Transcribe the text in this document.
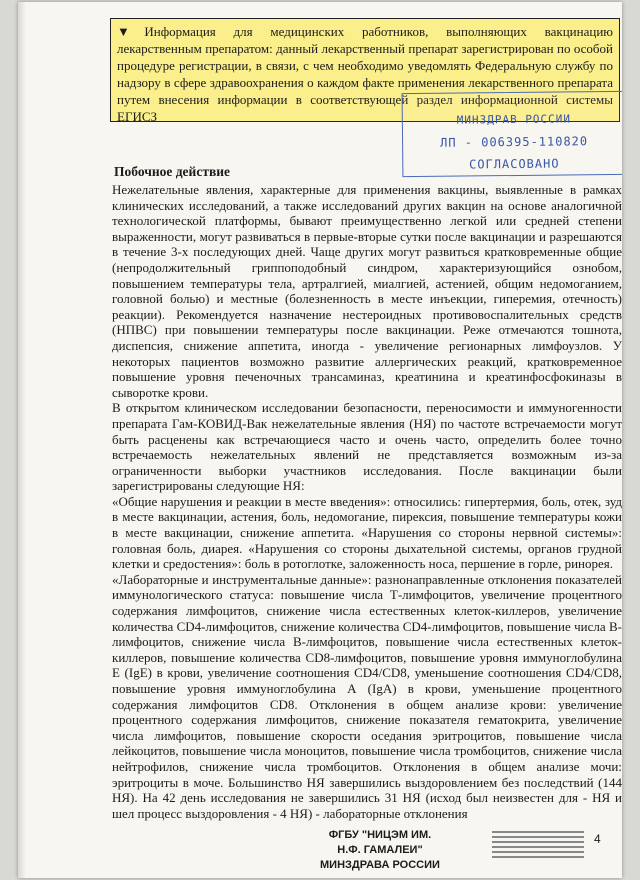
▼Информация для медицинских работников, выполняющих вакцинацию лекарственным препаратом: данный лекарственный препарат зарегистрирован по особой процедуре регистрации, в связи, с чем необходимо уведомлять Федеральную службу по надзору в сфере здравоохранения о каждом факте применения лекарственного препарата путем внесения информации в соответствующей раздел информационной системы ЕГИСЗ	МИНЗДРАВ РОССИИ
ЛП - 006395-110820
СОГЛАСОВАНО
Побочное действие

Нежелательные явления, характерные для применения вакцины, выявленные в рамках клинических исследований, а также исследований других вакцин на основе аналогичной технологической платформы, бывают преимущественно легкой или средней степени выраженности, могут развиваться в первые-вторые сутки после вакцинации и разрешаются в течение 3-х последующих дней. Чаще других могут развиться кратковременные общие (непродолжительный гриппоподобный синдром, характеризующийся ознобом, повышением температуры тела, артралгией, миалгией, астенией, общим недомоганием, головной болью) и местные (болезненность в месте инъекции, гиперемия, отечность) реакции). Рекомендуется назначение нестероидных противовоспалительных средств (НПВС) при повышении температуры после вакцинации. Реже отмечаются тошнота, диспепсия, снижение аппетита, иногда - увеличение регионарных лимфоузлов. У некоторых пациентов возможно развитие аллергических реакций, кратковременное повышение уровня печеночных трансаминаз, креатинина и креатинфосфокиназы в сыворотке крови.

В открытом клиническом исследовании безопасности, переносимости и иммуногенности препарата Гам-КОВИД-Вак нежелательные явления (НЯ) по частоте встречаемости могут быть расценены как встречающиеся часто и очень часто, определить более точно встречаемость нежелательных явлений не представляется возможным из-за ограниченности выборки участников исследования. После вакцинации были зарегистрированы следующие НЯ:

«Общие нарушения и реакции в месте введения»: относились: гипертермия, боль, отек, зуд в месте вакцинации, астения, боль, недомогание, пирексия, повышение температуры кожи в месте вакцинации, снижение аппетита. «Нарушения со стороны нервной системы»: головная боль, диарея. «Нарушения со стороны дыхательной системы, органов грудной клетки и средостения»: боль в ротоглотке, заложенность носа, першение в горле, ринорея.

«Лабораторные и инструментальные данные»: разнонаправленные отклонения показателей иммунологического статуса: повышение числа Т-лимфоцитов, увеличение процентного содержания лимфоцитов, снижение числа естественных клеток-киллеров, увеличение количества CD4-лимфоцитов, снижение количества CD4-лимфоцитов, повышение числа В-лимфоцитов, снижение числа В-лимфоцитов, повышение числа естественных клеток-киллеров, повышение количества CD8-лимфоцитов, повышение уровня иммуноглобулина Е (IgE) в крови, увеличение соотношения CD4/CD8, уменьшение соотношения CD4/CD8, повышение уровня иммуноглобулина А (IgA) в крови, уменьшение процентного содержания лимфоцитов CD8. Отклонения в общем анализе крови: увеличение процентного содержания лимфоцитов, снижение показателя гематокрита, увеличение числа лимфоцитов, повышение скорости оседания эритроцитов, повышение числа лейкоцитов, повышение числа моноцитов, повышение числа тромбоцитов, снижение числа нейтрофилов, снижение числа тромбоцитов. Отклонения в общем анализе мочи: эритроциты в моче. Большинство НЯ завершились выздоровлением без последствий (144 НЯ). На 42 день исследования не завершились 31 НЯ (исход был неизвестен для - НЯ и шел процесс выздоровления - 4 НЯ) - лабораторные отклонения

ФГБУ "НИЦЭМ ИМ.
Н.Ф. ГАМАЛЕИ"
МИНЗДРАВА РОССИИ
4
